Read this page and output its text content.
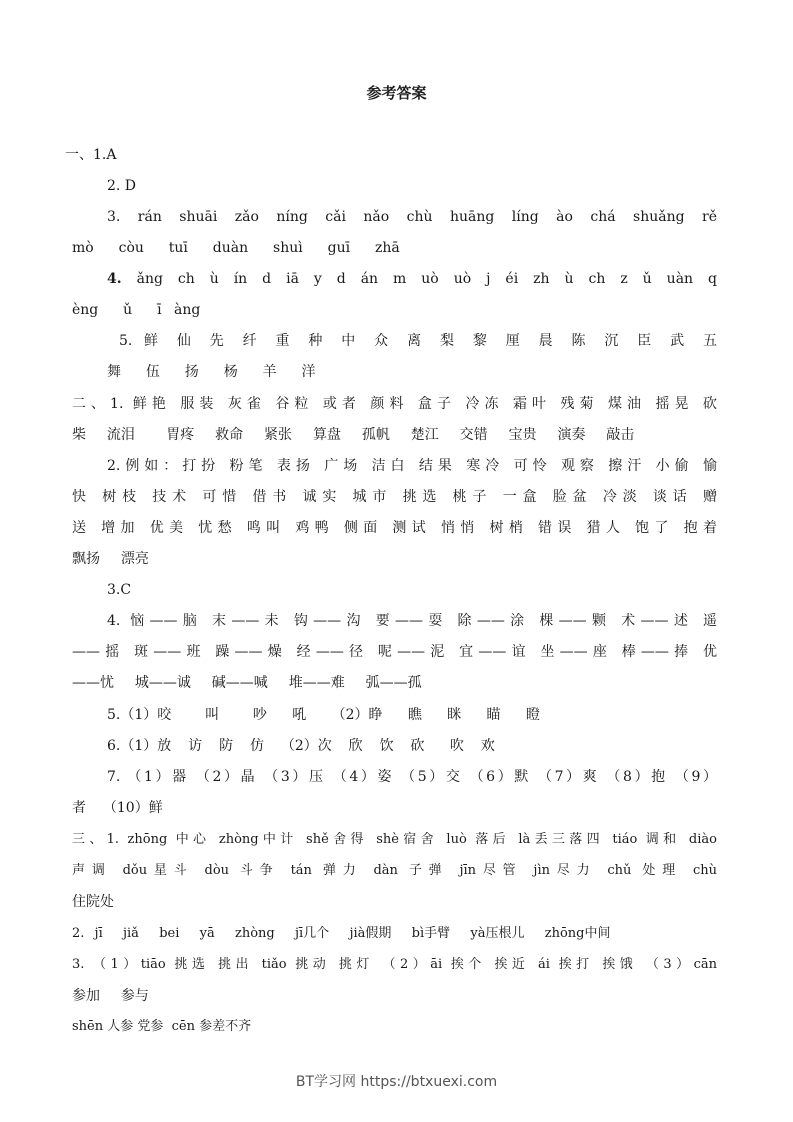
参考答案
一、1.A
2. D
3. rán shuāi zǎo níng cǎi nǎo chù huāng líng ào chá shuǎng rě
mò  còu  tuī  duàn  shuì  guī  zhā
4. ǎng ch ù ín d iā y d án m uò uò j éi zh ù ch z ǔ uàn q
èng  ǔ  ī àng
5. 鲜 仙 先 纤 重 种 中 众 离 梨 黎 厘 晨 陈 沉 臣 武 五
舞  伍  扬  杨  羊  洋
二、1. 鲜艳 服装 灰雀 谷粒 或者 颜料 盒子 冷冻 霜叶 残菊 煤油 摇晃 砍
柴  流泪   胃疼  救命  紧张  算盘  孤帆  楚江  交错  宝贵  演奏  敲击
2.例如：打扮 粉笔 表扬 广场 洁白 结果 寒冷 可怜 观察 擦汗 小偷 愉
快 树枝 技术 可惜 借书 诚实 城市 挑选 桃子 一盒 脸盆 冷淡 谈话 赠
送 增加 优美 忧愁 鸣叫 鸡鸭 侧面 测试 悄悄 树梢 错误 猎人 饱了 抱着
飘扬  漂亮
3.C
4. 恼——脑 末——未 钩——沟 要——耍 除——涂 棵——颗 术——述 遥
——摇 斑——班 躁——燥 经——径 呢——泥 宜——谊 坐——座 棒——捧 优
——忧  城——诚  碱——喊  堆——难  弧——孤
5.（1）咬    叫    吵   吼   （2）睁   瞧   眯   瞄   瞪
6.（1）放  访  防  仿  （2）次  欣  饮  砍   吹  欢
7. （1）器 （2）晶 （3）压 （4）姿 （5）交 （6）默 （7）爽 （8）抱 （9）
者  （10）鲜
三、1. zhōng 中心 zhòng中计 shě舍得 shè宿舍 luò 落后 là丢三落四 tiáo 调和 diào
声调 dǒu星斗 dòu 斗争 tán 弹力 dàn 子弹 jīn尽管 jìn尽力 chǔ 处理 chù
住院处
2. jī  jiǎ  bei  yā  zhòng  jī几个  jià假期  bì手臂  yà压根儿  zhōng中间
3. （1）tiāo 挑选 挑出 tiǎo 挑动 挑灯 （2）āi 挨个 挨近 ái 挨打 挨饿 （3）cān
参加  参与
shēn 人参 党参  cēn 参差不齐
BT学习网 https://btxuexi.com
